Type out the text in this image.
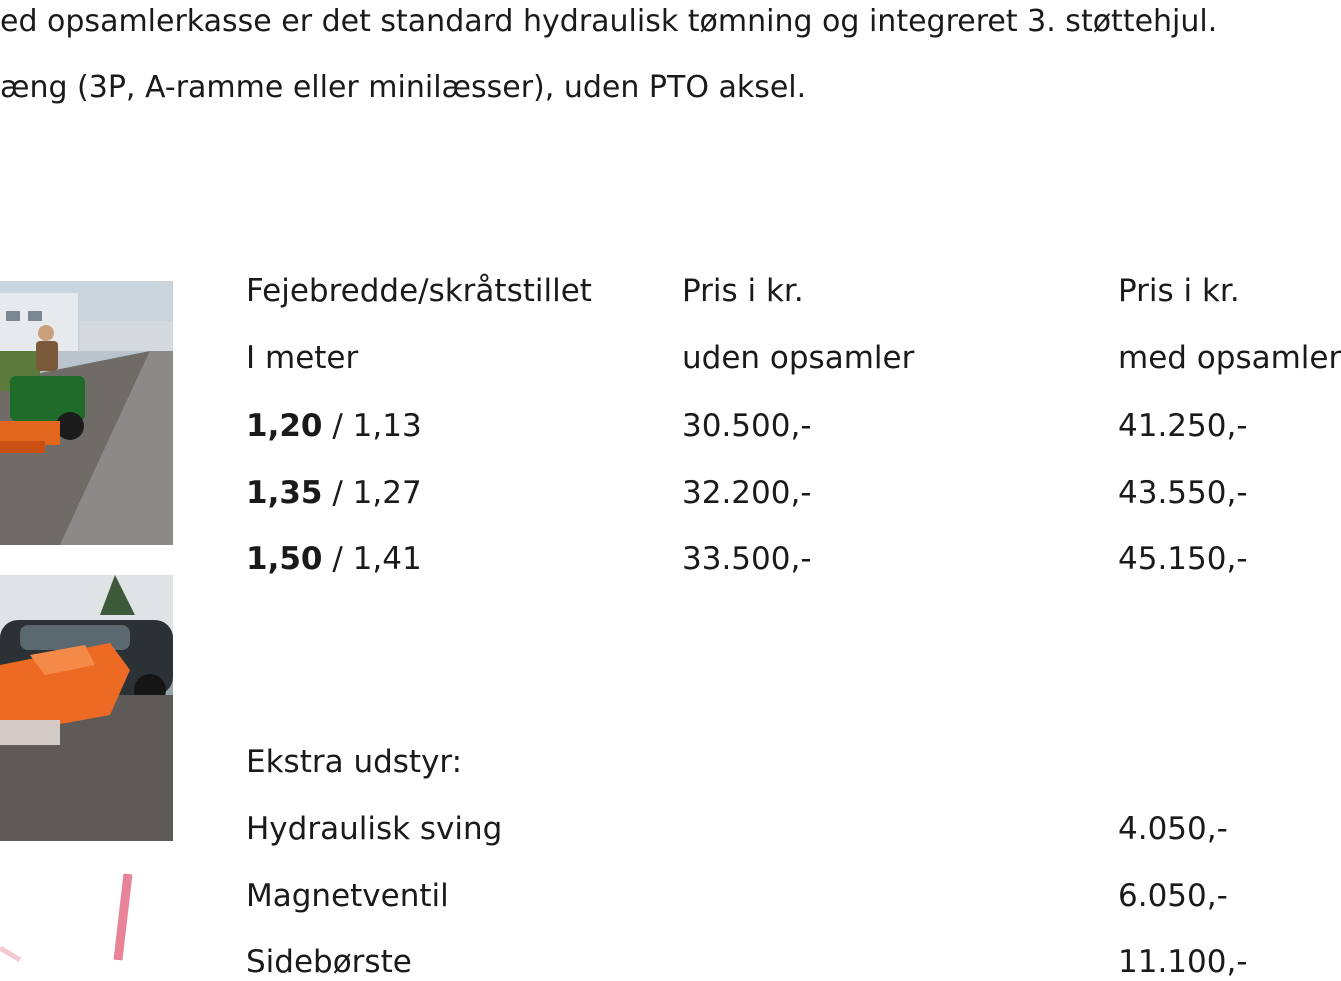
ed opsamlerkasse er det standard hydraulisk tømning og integreret 3. støttehjul.
æng (3P, A-ramme eller minilæsser), uden PTO aksel.
Fejebredde/skråtstillet	Pris i kr.	Pris i kr.
I meter	uden opsamler	med opsamler
1,20 / 1,13	30.500,-	41.250,-
1,35 / 1,27	32.200,-	43.550,-
1,50 / 1,41	33.500,-	45.150,-
Ekstra udstyr:
Hydraulisk sving	4.050,-
Magnetventil	6.050,-
Sidebørste	11.100,-
